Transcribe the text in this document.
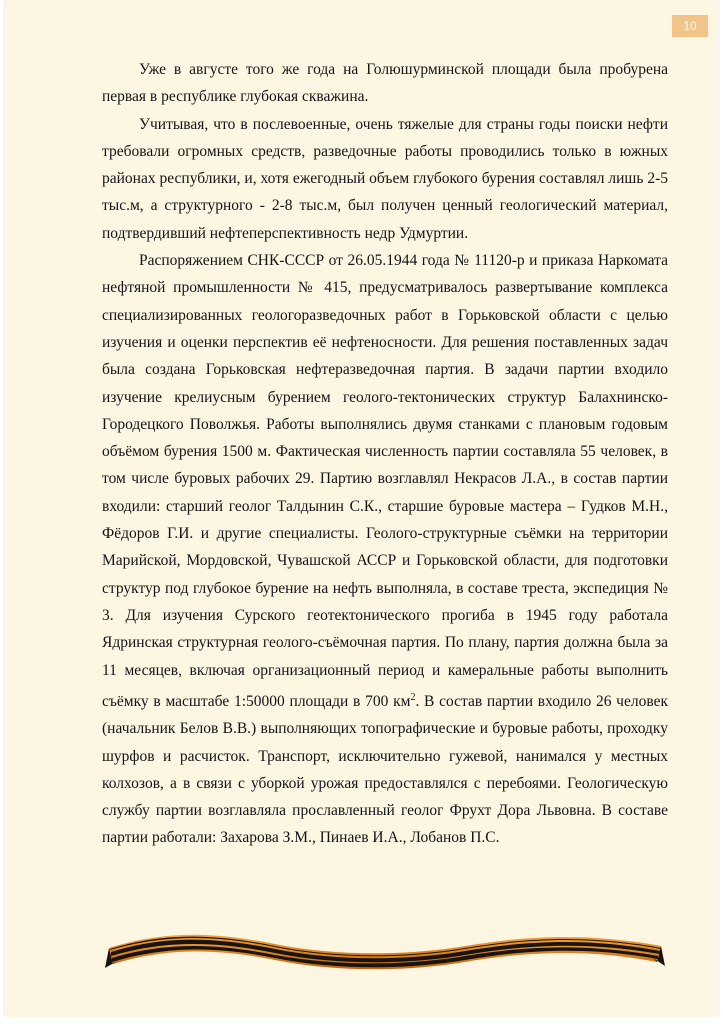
10

Уже в августе того же года на Голюшурминской площади была пробурена первая в республике глубокая скважина.

Учитывая, что в послевоенные, очень тяжелые для страны годы поиски нефти требовали огромных средств, разведочные работы проводились только в южных районах республики, и, хотя ежегодный объем глубокого бурения составлял лишь 2-5 тыс.м, а структурного - 2-8 тыс.м, был получен ценный геологический материал, подтвердивший нефтеперспективность недр Удмуртии.

Распоряжением СНК-СССР от 26.05.1944 года № 11120-р и приказа Наркомата нефтяной промышленности № 415, предусматривалось развертывание комплекса специализированных геологоразведочных работ в Горьковской области с целью изучения и оценки перспектив её нефтеносности. Для решения поставленных задач была создана Горьковская нефтеразведочная партия. В задачи партии входило изучение крелиусным бурением геолого-тектонических структур Балахнинско-Городецкого Поволжья. Работы выполнялись двумя станками с плановым годовым объёмом бурения 1500 м. Фактическая численность партии составляла 55 человек, в том числе буровых рабочих 29. Партию возглавлял Некрасов Л.А., в состав партии входили: старший геолог Талдынин С.К., старшие буровые мастера – Гудков М.Н., Фёдоров Г.И. и другие специалисты. Геолого-структурные съёмки на территории Марийской, Мордовской, Чувашской АССР и Горьковской области, для подготовки структур под глубокое бурение на нефть выполняла, в составе треста, экспедиция № 3. Для изучения Сурского геотектонического прогиба в 1945 году работала Ядринская структурная геолого-съёмочная партия. По плану, партия должна была за 11 месяцев, включая организационный период и камеральные работы выполнить съёмку в масштабе 1:50000 площади в 700 $км^2$. В состав партии входило 26 человек (начальник Белов В.В.) выполняющих топографические и буровые работы, проходку шурфов и расчисток. Транспорт, исключительно гужевой, нанимался у местных колхозов, а в связи с уборкой урожая предоставлялся с перебоями. Геологическую службу партии возглавляла прославленный геолог Фрухт Дора Львовна. В составе партии работали: Захарова З.М., Пинаев И.А., Лобанов П.С.
